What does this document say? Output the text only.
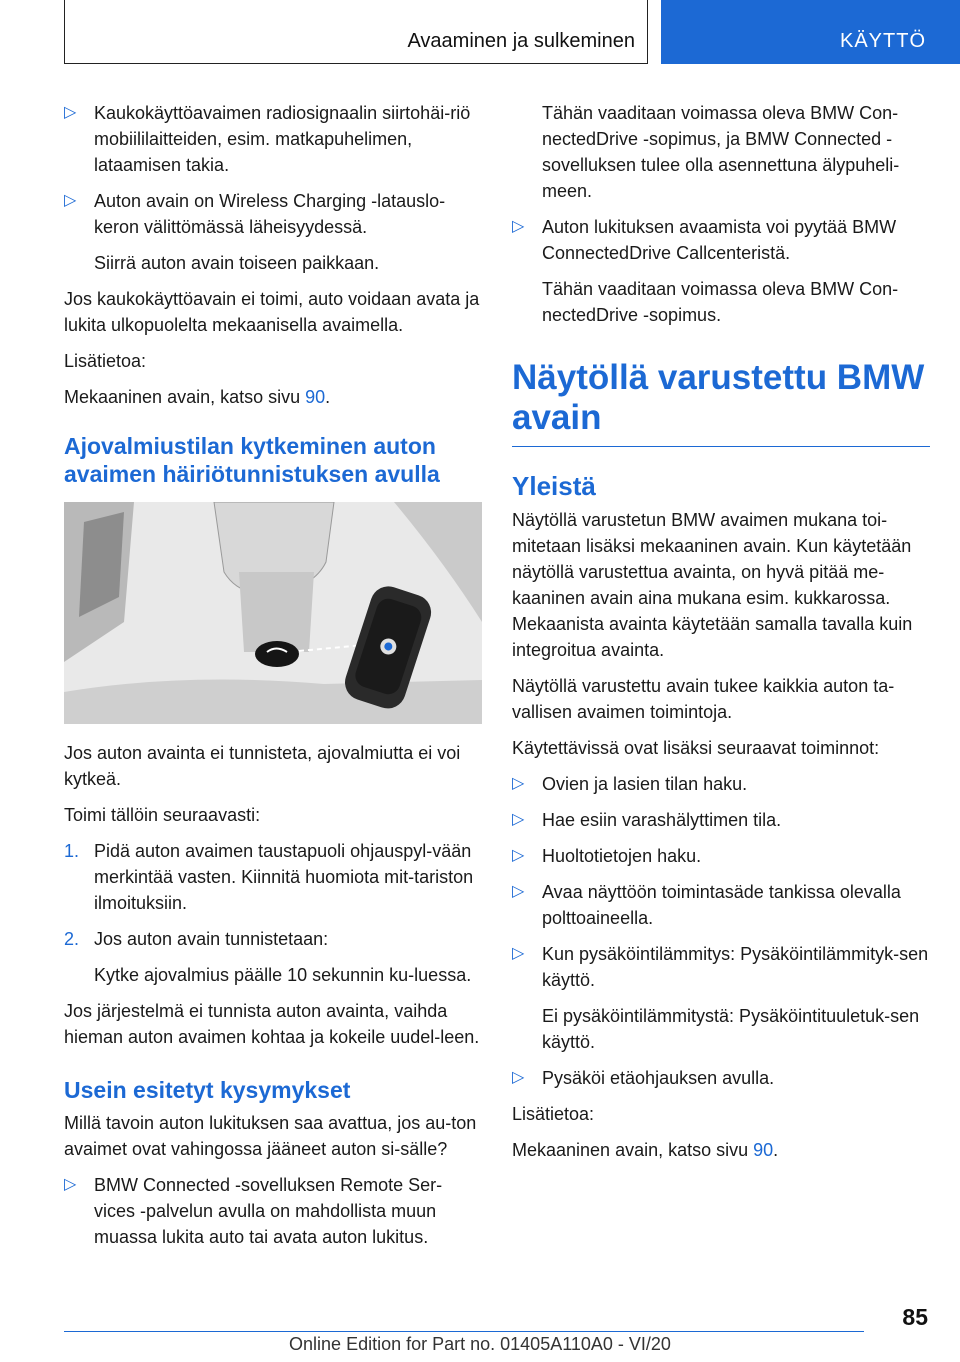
Avaaminen ja sulkeminen	KÄYTTÖ
▷ Kaukokäyttöavaimen radiosignaalin siirtohäi-riö mobiililaitteiden, esim. matkapuhelimen, lataamisen takia.
▷ Auton avain on Wireless Charging -latauslo-keron välittömässä läheisyydessä.
Siirrä auton avain toiseen paikkaan.

Jos kaukokäyttöavain ei toimi, auto voidaan avata ja lukita ulkopuolelta mekaanisella avaimella.

Lisätietoa:

Mekaaninen avain, katso sivu 90.

Ajovalmiustilan kytkeminen auton avaimen häiriötunnistuksen avulla

Jos auton avainta ei tunnisteta, ajovalmiutta ei voi kytkeä.

Toimi tällöin seuraavasti:

1. Pidä auton avaimen taustapuoli ohjauspyl-vään merkintää vasten. Kiinnitä huomiota mit-tariston ilmoituksiin.
2. Jos auton avain tunnistetaan:
Kytke ajovalmius päälle 10 sekunnin ku-luessa.

Jos järjestelmä ei tunnista auton avainta, vaihda hieman auton avaimen kohtaa ja kokeile uudel-leen.

Usein esitetyt kysymykset

Millä tavoin auton lukituksen saa avattua, jos au-ton avaimet ovat vahingossa jääneet auton si-sälle?

▷ BMW Connected -sovelluksen Remote Ser-vices -palvelun avulla on mahdollista muun muassa lukita auto tai avata auton lukitus.

Tähän vaaditaan voimassa oleva BMW Con-nectedDrive -sopimus, ja BMW Connected -sovelluksen tulee olla asennettuna älypuheli-meen.

▷ Auton lukituksen avaamista voi pyytää BMW ConnectedDrive Callcenteristä.
Tähän vaaditaan voimassa oleva BMW Con-nectedDrive -sopimus.
Näytöllä varustettu BMW avain
Yleistä

Näytöllä varustetun BMW avaimen mukana toi-mitetaan lisäksi mekaaninen avain. Kun käytetään näytöllä varustettua avainta, on hyvä pitää me-kaaninen avain aina mukana esim. kukkarossa. Mekaanista avainta käytetään samalla tavalla kuin integroitua avainta.

Näytöllä varustettu avain tukee kaikkia auton ta-vallisen avaimen toimintoja.

Käytettävissä ovat lisäksi seuraavat toiminnot:

▷ Ovien ja lasien tilan haku.
▷ Hae esiin varashälyttimen tila.
▷ Huoltotietojen haku.
▷ Avaa näyttöön toimintasäde tankissa olevalla polttoaineella.
▷ Kun pysäköintilämmitys: Pysäköintilämmityk-sen käyttö.
Ei pysäköintilämmitystä: Pysäköintituuletuk-sen käyttö.
▷ Pysäköi etäohjauksen avulla.

Lisätietoa:

Mekaaninen avain, katso sivu 90.

85
Online Edition for Part no. 01405A110A0 - VI/20
